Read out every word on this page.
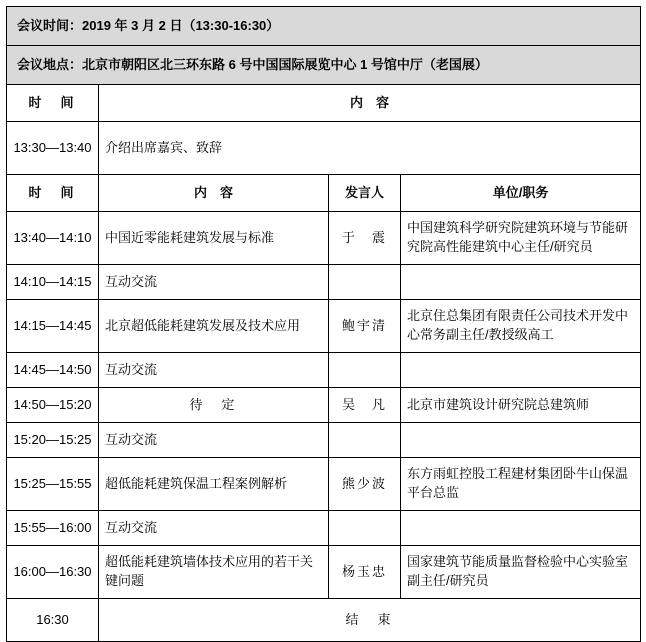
会议时间：2019 年 3 月 2 日（13:30-16:30）			
会议地点：北京市朝阳区北三环东路 6 号中国国际展览中心 1 号馆中厅（老国展）			
时　间	内　容		
13:30—13:40	介绍出席嘉宾、致辞		
时　间	内　容	发言人	单位/职务
13:40—14:10	中国近零能耗建筑发展与标准	于　震	中国建筑科学研究院建筑环境与节能研究院高性能建筑中心主任/研究员
14:10—14:15	互动交流		
14:15—14:45	北京超低能耗建筑发展及技术应用	鲍宇清	北京住总集团有限责任公司技术开发中心常务副主任/教授级高工
14:45—14:50	互动交流		
14:50—15:20	待　定	吴　凡	北京市建筑设计研究院总建筑师
15:20—15:25	互动交流		
15:25—15:55	超低能耗建筑保温工程案例解析	熊少波	东方雨虹控股工程建材集团卧牛山保温平台总监
15:55—16:00	互动交流		
16:00—16:30	超低能耗建筑墙体技术应用的若干关键问题	杨玉忠	国家建筑节能质量监督检验中心实验室副主任/研究员
16:30	结　束		
